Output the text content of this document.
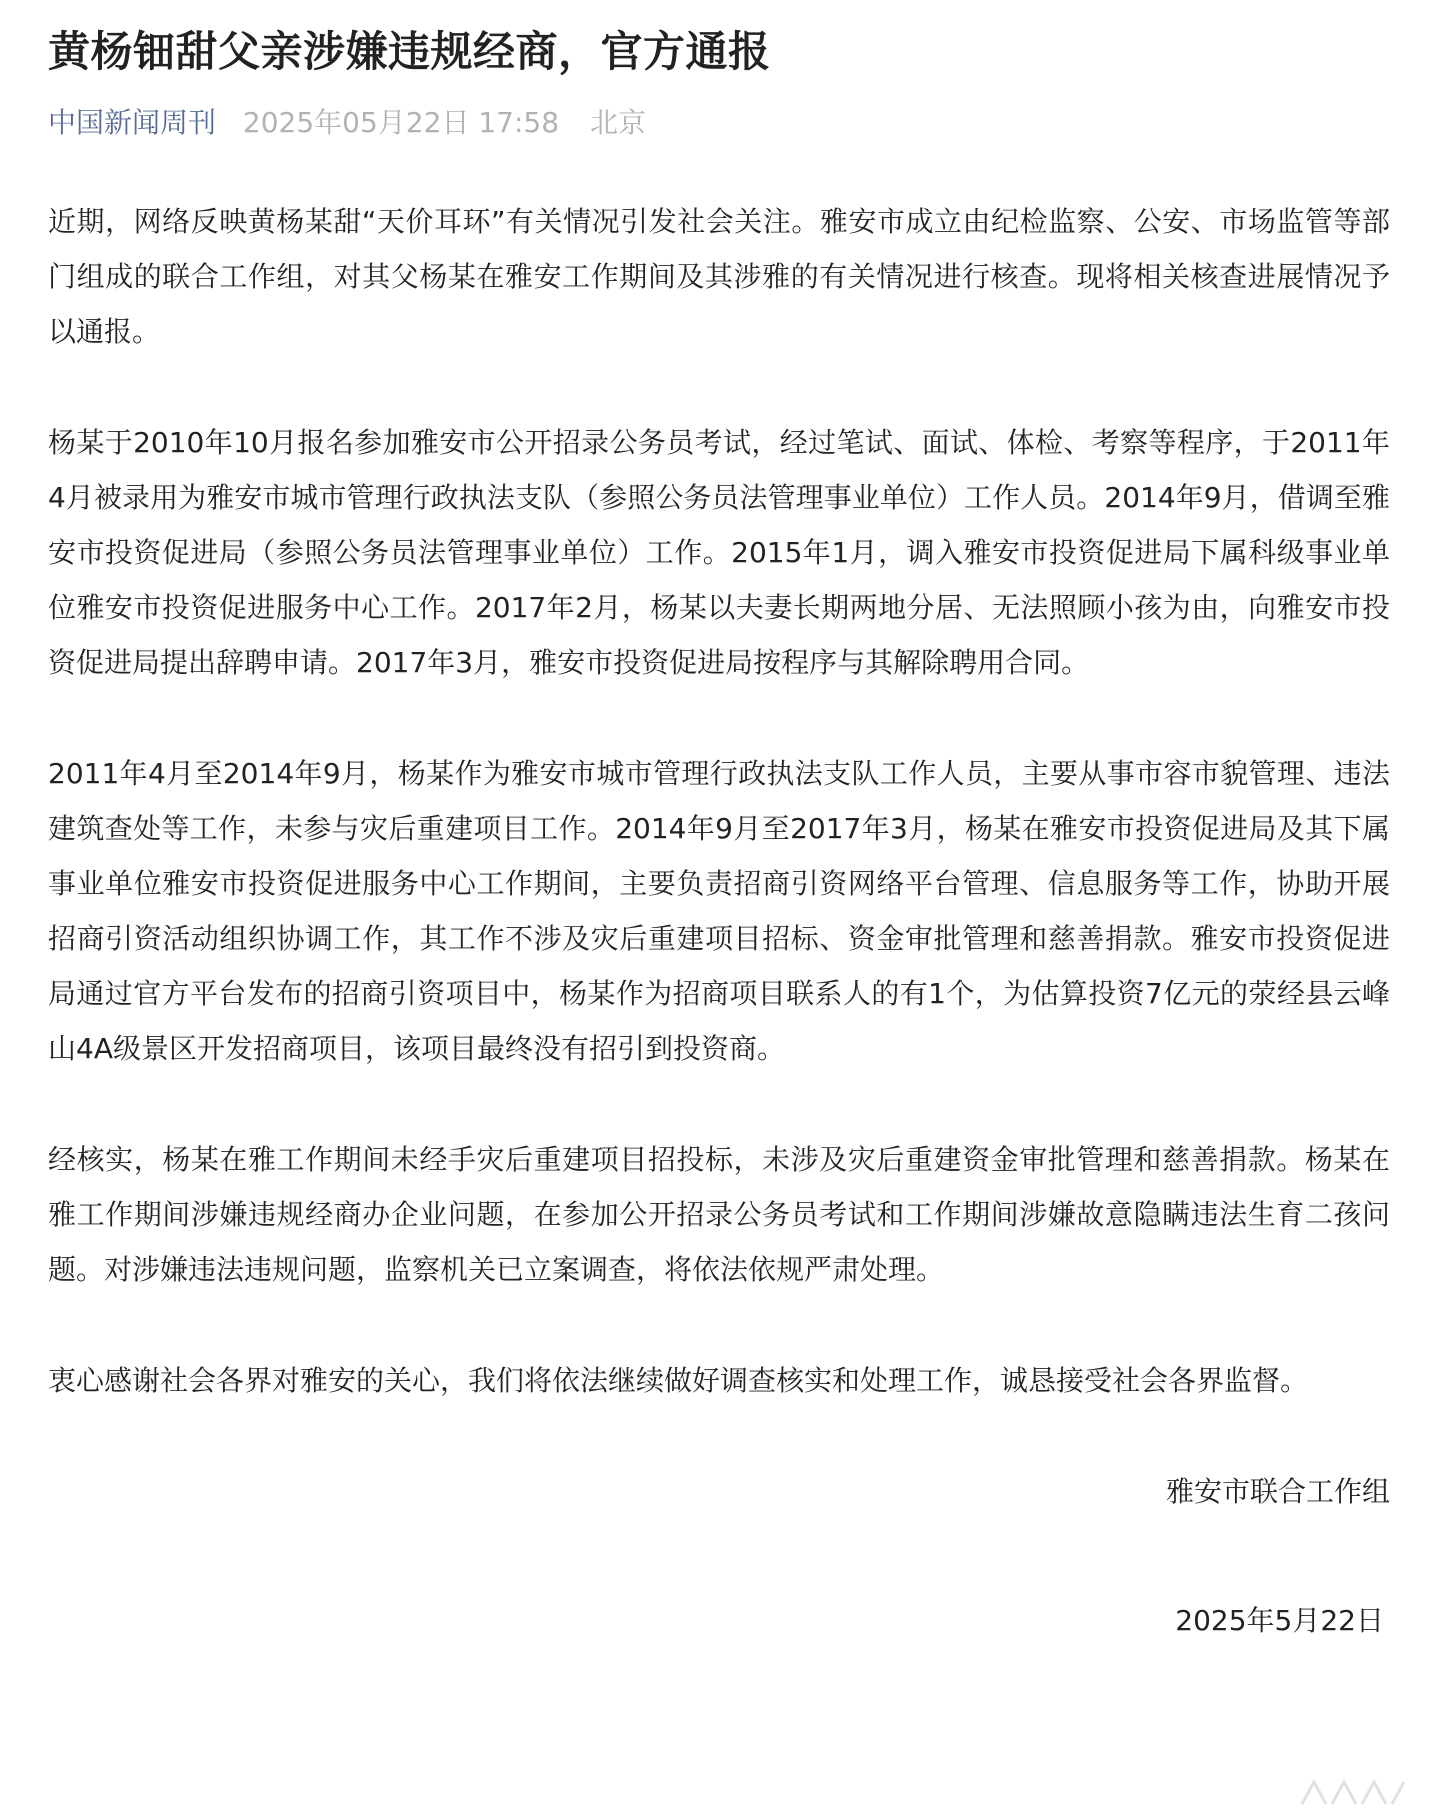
黄杨钿甜父亲涉嫌违规经商，官方通报
中国新闻周刊 2025年05月22日 17:58 北京

近期，网络反映黄杨某甜“天价耳环”有关情况引发社会关注。雅安市成立由纪检监察、公安、市场监管等部门组成的联合工作组，对其父杨某在雅安工作期间及其涉雅的有关情况进行核查。现将相关核查进展情况予以通报。

杨某于2010年10月报名参加雅安市公开招录公务员考试，经过笔试、面试、体检、考察等程序，于2011年4月被录用为雅安市城市管理行政执法支队（参照公务员法管理事业单位）工作人员。2014年9月，借调至雅安市投资促进局（参照公务员法管理事业单位）工作。2015年1月，调入雅安市投资促进局下属科级事业单位雅安市投资促进服务中心工作。2017年2月，杨某以夫妻长期两地分居、无法照顾小孩为由，向雅安市投资促进局提出辞聘申请。2017年3月，雅安市投资促进局按程序与其解除聘用合同。

2011年4月至2014年9月，杨某作为雅安市城市管理行政执法支队工作人员，主要从事市容市貌管理、违法建筑查处等工作，未参与灾后重建项目工作。2014年9月至2017年3月，杨某在雅安市投资促进局及其下属事业单位雅安市投资促进服务中心工作期间，主要负责招商引资网络平台管理、信息服务等工作，协助开展招商引资活动组织协调工作，其工作不涉及灾后重建项目招标、资金审批管理和慈善捐款。雅安市投资促进局通过官方平台发布的招商引资项目中，杨某作为招商项目联系人的有1个，为估算投资7亿元的荥经县云峰山4A级景区开发招商项目，该项目最终没有招引到投资商。

经核实，杨某在雅工作期间未经手灾后重建项目招投标，未涉及灾后重建资金审批管理和慈善捐款。杨某在雅工作期间涉嫌违规经商办企业问题，在参加公开招录公务员考试和工作期间涉嫌故意隐瞒违法生育二孩问题。对涉嫌违法违规问题，监察机关已立案调查，将依法依规严肃处理。

衷心感谢社会各界对雅安的关心，我们将依法继续做好调查核实和处理工作，诚恳接受社会各界监督。

雅安市联合工作组
2025年5月22日
